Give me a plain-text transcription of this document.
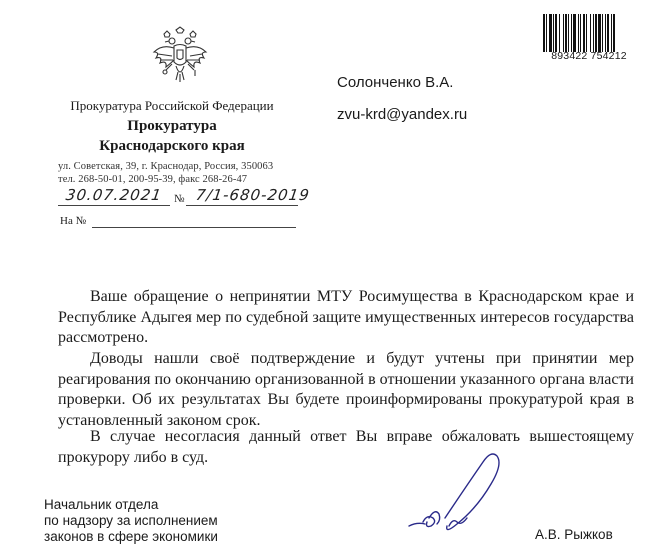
893422 754212
Прокуратура Российской Федерации
Прокуратура
Краснодарского края
ул. Советская, 39, г. Краснодар, Россия, 350063
тел. 268-50-01, 200-95-39, факс 268-26-47
30.07.2021 № 7/1-680-2019
На №
Солонченко В.А.
zvu-krd@yandex.ru
Ваше обращение о непринятии МТУ Росимущества в Краснодарском крае и Республике Адыгея мер по судебной защите имущественных интересов государства рассмотрено.
Доводы нашли своё подтверждение и будут учтены при принятии мер реагирования по окончанию организованной в отношении указанного органа власти проверки. Об их результатах Вы будете проинформированы прокуратурой края в установленный законом срок.
В случае несогласия данный ответ Вы вправе обжаловать вышестоящему прокурору либо в суд.
Начальник отдела
по надзору за исполнением
законов в сфере экономики	А.В. Рыжков
